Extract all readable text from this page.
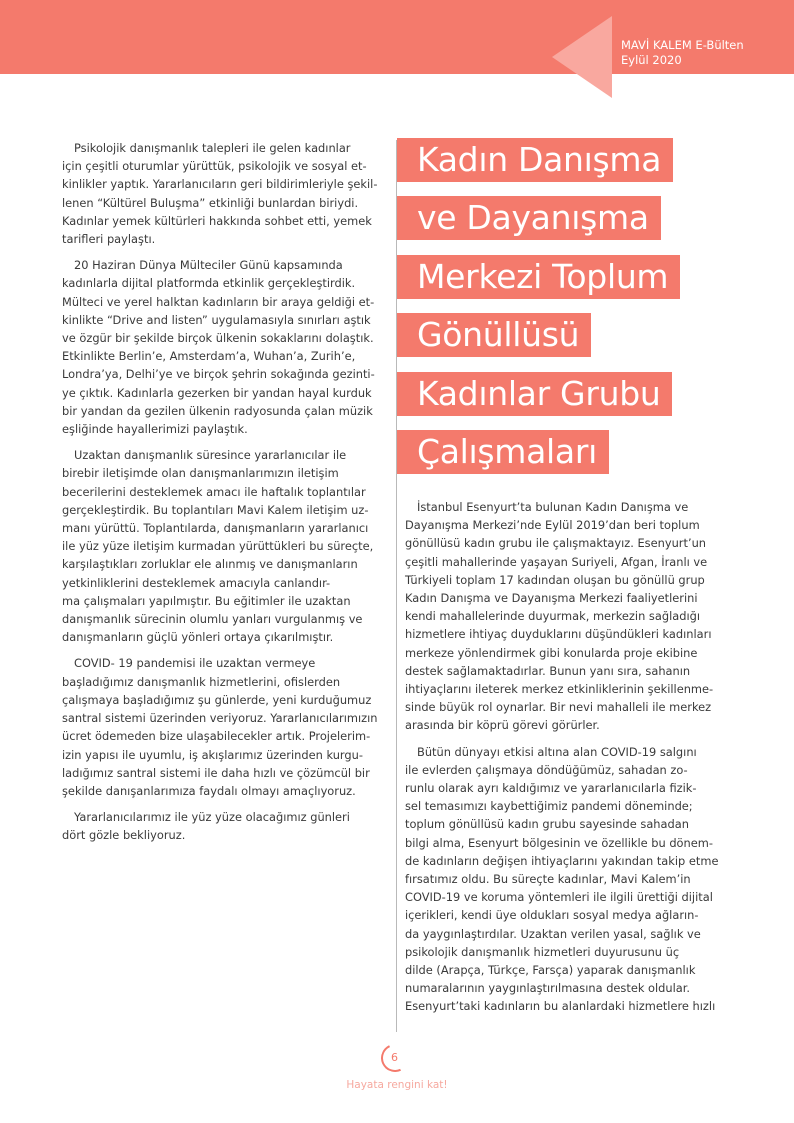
MAVİ KALEM E-Bülten
Eylül 2020

Psikolojik danışmanlık talepleri ile gelen kadınlar
için çeşitli oturumlar yürüttük, psikolojik ve sosyal et-
kinlikler yaptık. Yararlanıcıların geri bildirimleriyle şekil-
lenen “Kültürel Buluşma” etkinliği bunlardan biriydi.
Kadınlar yemek kültürleri hakkında sohbet etti, yemek
tarifleri paylaştı.

20 Haziran Dünya Mülteciler Günü kapsamında
kadınlarla dijital platformda etkinlik gerçekleştirdik.
Mülteci ve yerel halktan kadınların bir araya geldiği et-
kinlikte “Drive and listen” uygulamasıyla sınırları aştık
ve özgür bir şekilde birçok ülkenin sokaklarını dolaştık.
Etkinlikte Berlin’e, Amsterdam’a, Wuhan’a, Zurih’e,
Londra’ya, Delhi’ye ve birçok şehrin sokağında gezinti-
ye çıktık. Kadınlarla gezerken bir yandan hayal kurduk
bir yandan da gezilen ülkenin radyosunda çalan müzik
eşliğinde hayallerimizi paylaştık.

Uzaktan danışmanlık süresince yararlanıcılar ile
birebir iletişimde olan danışmanlarımızın iletişim
becerilerini desteklemek amacı ile haftalık toplantılar
gerçekleştirdik. Bu toplantıları Mavi Kalem iletişim uz-
manı yürüttü. Toplantılarda, danışmanların yararlanıcı
ile yüz yüze iletişim kurmadan yürüttükleri bu süreçte,
karşılaştıkları zorluklar ele alınmış ve danışmanların
yetkinliklerini desteklemek amacıyla canlandır-
ma çalışmaları yapılmıştır. Bu eğitimler ile uzaktan
danışmanlık sürecinin olumlu yanları vurgulanmış ve
danışmanların güçlü yönleri ortaya çıkarılmıştır.

COVID- 19 pandemisi ile uzaktan vermeye
başladığımız danışmanlık hizmetlerini, ofislerden
çalışmaya başladığımız şu günlerde, yeni kurduğumuz
santral sistemi üzerinden veriyoruz. Yararlanıcılarımızın
ücret ödemeden bize ulaşabilecekler artık. Projelerim-
izin yapısı ile uyumlu, iş akışlarımız üzerinden kurgu-
ladığımız santral sistemi ile daha hızlı ve çözümcül bir
şekilde danışanlarımıza faydalı olmayı amaçlıyoruz.

Yararlanıcılarımız ile yüz yüze olacağımız günleri
dört gözle bekliyoruz.

Kadın Danışma
ve Dayanışma
Merkezi Toplum
Gönüllüsü
Kadınlar Grubu
Çalışmaları

İstanbul Esenyurt’ta bulunan Kadın Danışma ve
Dayanışma Merkezi’nde Eylül 2019’dan beri toplum
gönüllüsü kadın grubu ile çalışmaktayız. Esenyurt’un
çeşitli mahallerinde yaşayan Suriyeli, Afgan, İranlı ve
Türkiyeli toplam 17 kadından oluşan bu gönüllü grup
Kadın Danışma ve Dayanışma Merkezi faaliyetlerini
kendi mahallelerinde duyurmak, merkezin sağladığı
hizmetlere ihtiyaç duyduklarını düşündükleri kadınları
merkeze yönlendirmek gibi konularda proje ekibine
destek sağlamaktadırlar. Bunun yanı sıra, sahanın
ihtiyaçlarını ileterek merkez etkinliklerinin şekillenme-
sinde büyük rol oynarlar. Bir nevi mahalleli ile merkez
arasında bir köprü görevi görürler.

Bütün dünyayı etkisi altına alan COVID-19 salgını
ile evlerden çalışmaya döndüğümüz, sahadan zo-
runlu olarak ayrı kaldığımız ve yararlanıcılarla fizik-
sel temasımızı kaybettiğimiz pandemi döneminde;
toplum gönüllüsü kadın grubu sayesinde sahadan
bilgi alma, Esenyurt bölgesinin ve özellikle bu dönem-
de kadınların değişen ihtiyaçlarını yakından takip etme
fırsatımız oldu. Bu süreçte kadınlar, Mavi Kalem’in
COVID-19 ve koruma yöntemleri ile ilgili ürettiği dijital
içerikleri, kendi üye oldukları sosyal medya ağların-
da yaygınlaştırdılar. Uzaktan verilen yasal, sağlık ve
psikolojik danışmanlık hizmetleri duyurusunu üç
dilde (Arapça, Türkçe, Farsça) yaparak danışmanlık
numaralarının yaygınlaştırılmasına destek oldular.
Esenyurt’taki kadınların bu alanlardaki hizmetlere hızlı

6
Hayata rengini kat!
